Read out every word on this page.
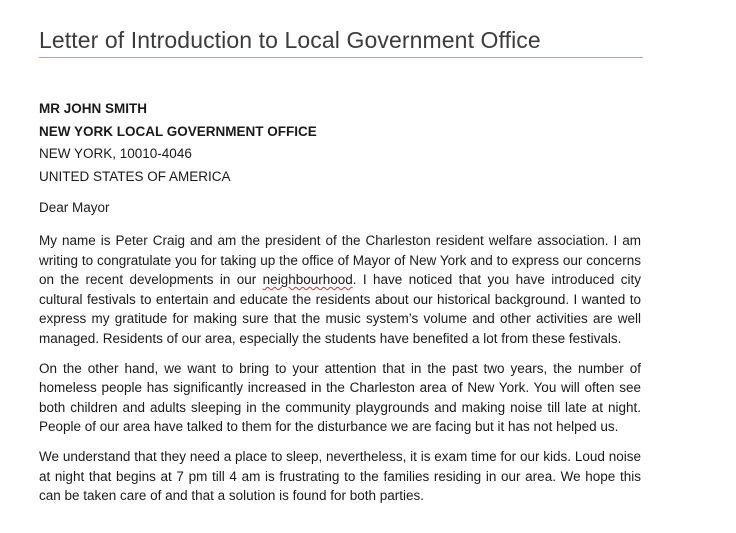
Letter of Introduction to Local Government Office
MR JOHN SMITH
NEW YORK LOCAL GOVERNMENT OFFICE
NEW YORK, 10010-4046
UNITED STATES OF AMERICA
Dear Mayor

My name is Peter Craig and am the president of the Charleston resident welfare association. I am writing to congratulate you for taking up the office of Mayor of New York and to express our concerns on the recent developments in our neighbourhood. I have noticed that you have introduced city cultural festivals to entertain and educate the residents about our historical background. I wanted to express my gratitude for making sure that the music system’s volume and other activities are well managed. Residents of our area, especially the students have benefited a lot from these festivals.

On the other hand, we want to bring to your attention that in the past two years, the number of homeless people has significantly increased in the Charleston area of New York. You will often see both children and adults sleeping in the community playgrounds and making noise till late at night. People of our area have talked to them for the disturbance we are facing but it has not helped us.

We understand that they need a place to sleep, nevertheless, it is exam time for our kids. Loud noise at night that begins at 7 pm till 4 am is frustrating to the families residing in our area. We hope this can be taken care of and that a solution is found for both parties.
